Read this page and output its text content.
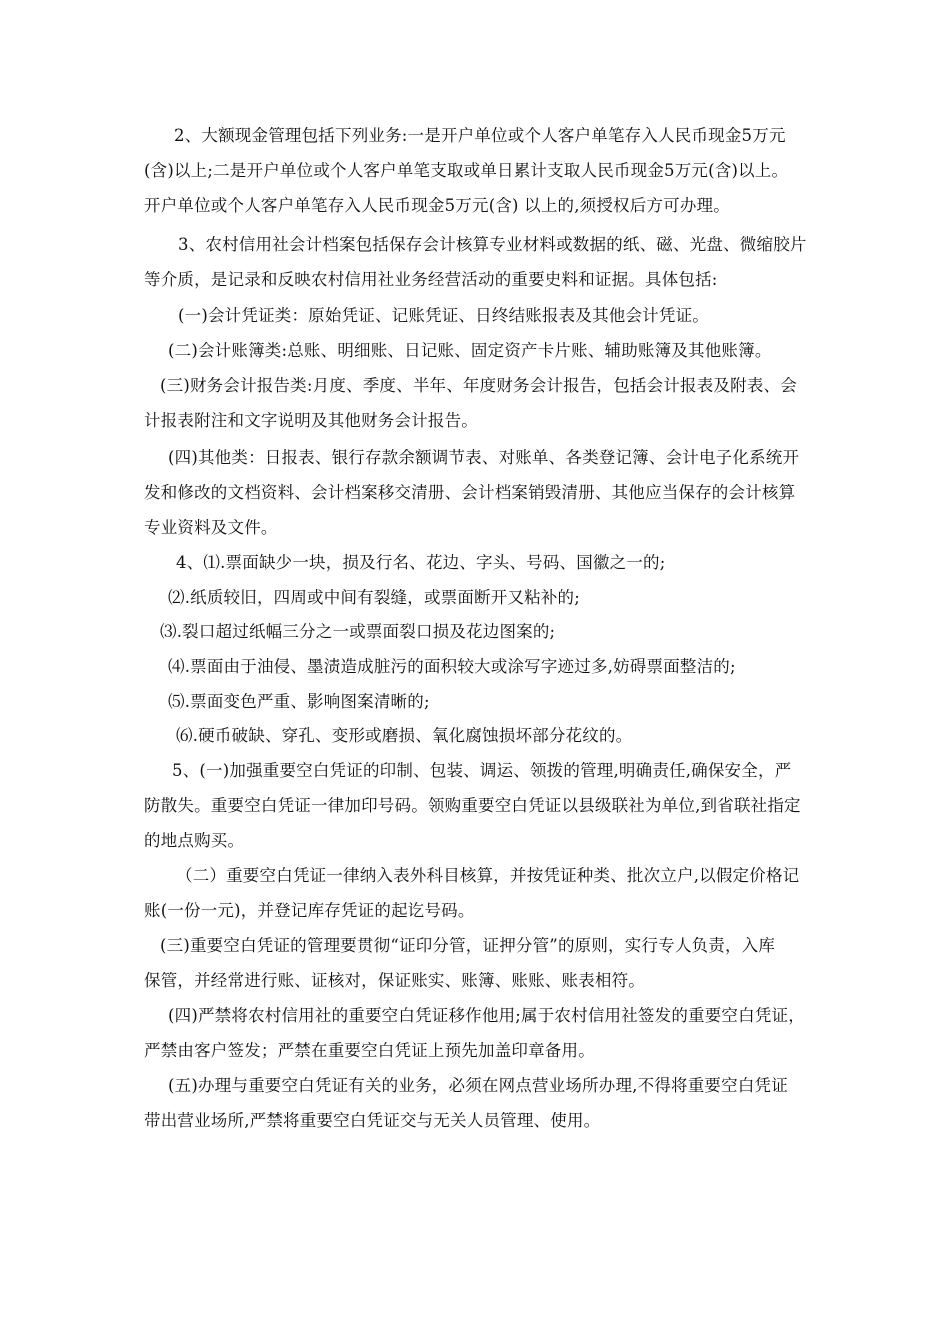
2、大额现金管理包括下列业务:一是开户单位或个人客户单笔存入人民币现金5万元
(含)以上;二是开户单位或个人客户单笔支取或单日累计支取人民币现金5万元(含)以上。
开户单位或个人客户单笔存入人民币现金5万元(含) 以上的,须授权后方可办理。

3、农村信用社会计档案包括保存会计核算专业材料或数据的纸、磁、光盘、微缩胶片
等介质，是记录和反映农村信用社业务经营活动的重要史料和证据。具体包括:

(一)会计凭证类：原始凭证、记账凭证、日终结账报表及其他会计凭证。

(二)会计账簿类:总账、明细账、日记账、固定资产卡片账、辅助账簿及其他账簿。

(三)财务会计报告类:月度、季度、半年、年度财务会计报告，包括会计报表及附表、会
计报表附注和文字说明及其他财务会计报告。

(四)其他类：日报表、银行存款余额调节表、对账单、各类登记簿、会计电子化系统开
发和修改的文档资料、会计档案移交清册、会计档案销毁清册、其他应当保存的会计核算
专业资料及文件。

4、⑴.票面缺少一块，损及行名、花边、字头、号码、国徽之一的;

⑵.纸质较旧，四周或中间有裂缝，或票面断开又粘补的;

⑶.裂口超过纸幅三分之一或票面裂口损及花边图案的;

⑷.票面由于油侵、墨渍造成脏污的面积较大或涂写字迹过多,妨碍票面整洁的;

⑸.票面变色严重、影响图案清晰的;

⑹.硬币破缺、穿孔、变形或磨损、氧化腐蚀损坏部分花纹的。

5、(一)加强重要空白凭证的印制、包装、调运、领拨的管理,明确责任,确保安全，严
防散失。重要空白凭证一律加印号码。领购重要空白凭证以县级联社为单位,到省联社指定
的地点购买。

（二）重要空白凭证一律纳入表外科目核算，并按凭证种类、批次立户,以假定价格记
账(一份一元)，并登记库存凭证的起讫号码。

(三)重要空白凭证的管理要贯彻“证印分管，证押分管”的原则，实行专人负责，入库
保管，并经常进行账、证核对，保证账实、账簿、账账、账表相符。

(四)严禁将农村信用社的重要空白凭证移作他用;属于农村信用社签发的重要空白凭证，
严禁由客户签发；严禁在重要空白凭证上预先加盖印章备用。

(五)办理与重要空白凭证有关的业务，必须在网点营业场所办理,不得将重要空白凭证
带出营业场所,严禁将重要空白凭证交与无关人员管理、使用。
